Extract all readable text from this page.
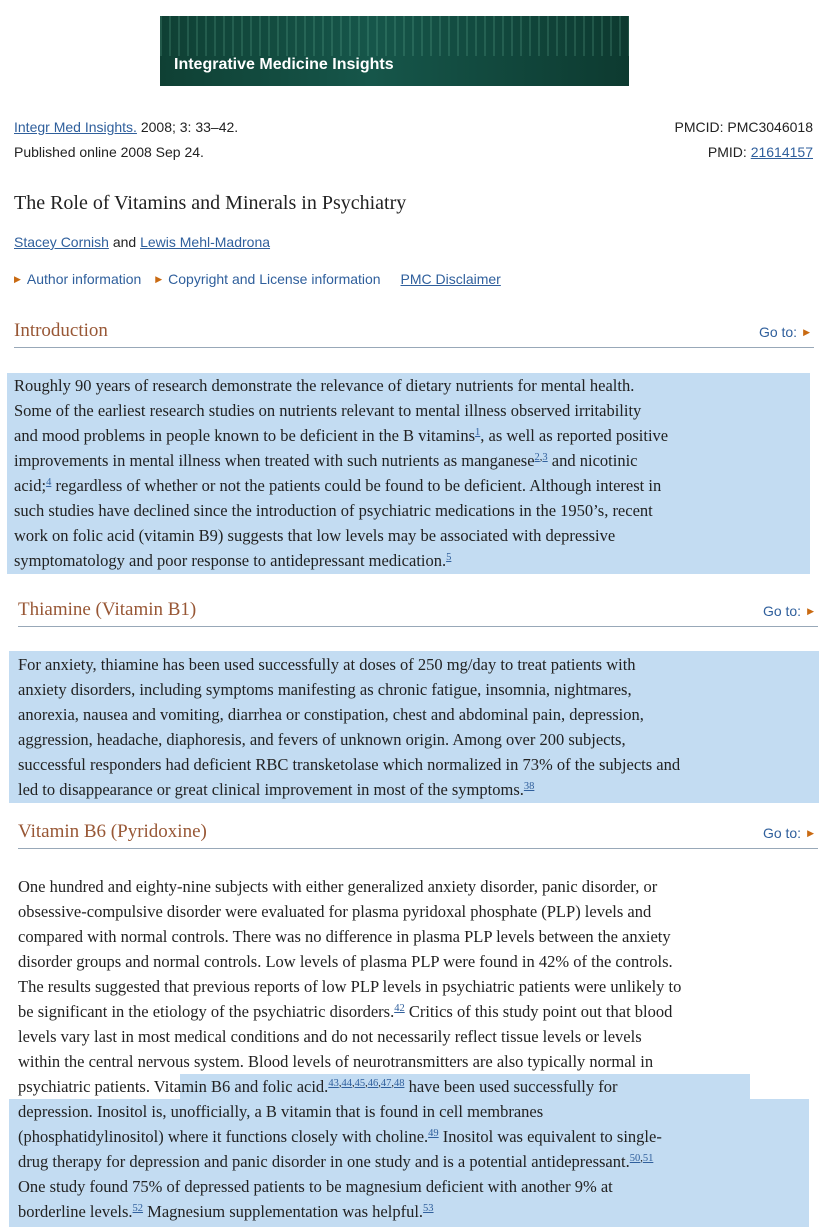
Integrative Medicine Insights
Integr Med Insights. 2008; 3: 33–42.
Published online 2008 Sep 24.
PMCID: PMC3046018
PMID: 21614157
The Role of Vitamins and Minerals in Psychiatry
Stacey Cornish and Lewis Mehl-Madrona
▶ Author information ▶ Copyright and License information PMC Disclaimer
Introduction	Go to: ▶
Roughly 90 years of research demonstrate the relevance of dietary nutrients for mental health.
Some of the earliest research studies on nutrients relevant to mental illness observed irritability
and mood problems in people known to be deficient in the B vitamins$^1$, as well as reported positive
improvements in mental illness when treated with such nutrients as manganese$^{2,3}$ and nicotinic
acid;$^4$ regardless of whether or not the patients could be found to be deficient. Although interest in
such studies have declined since the introduction of psychiatric medications in the 1950’s, recent
work on folic acid (vitamin B9) suggests that low levels may be associated with depressive
symptomatology and poor response to antidepressant medication.$^5$
Thiamine (Vitamin B1)	Go to: ▶
For anxiety, thiamine has been used successfully at doses of 250 mg/day to treat patients with
anxiety disorders, including symptoms manifesting as chronic fatigue, insomnia, nightmares,
anorexia, nausea and vomiting, diarrhea or constipation, chest and abdominal pain, depression,
aggression, headache, diaphoresis, and fevers of unknown origin. Among over 200 subjects,
successful responders had deficient RBC transketolase which normalized in 73% of the subjects and
led to disappearance or great clinical improvement in most of the symptoms.$^{38}$
Vitamin B6 (Pyridoxine)	Go to: ▶
One hundred and eighty-nine subjects with either generalized anxiety disorder, panic disorder, or
obsessive-compulsive disorder were evaluated for plasma pyridoxal phosphate (PLP) levels and
compared with normal controls. There was no difference in plasma PLP levels between the anxiety
disorder groups and normal controls. Low levels of plasma PLP were found in 42% of the controls.
The results suggested that previous reports of low PLP levels in psychiatric patients were unlikely to
be significant in the etiology of the psychiatric disorders.$^{42}$ Critics of this study point out that blood
levels vary last in most medical conditions and do not necessarily reflect tissue levels or levels
within the central nervous system. Blood levels of neurotransmitters are also typically normal in
psychiatric patients. Vitamin B6 and folic acid.$^{43,44,45,46,47,48}$ have been used successfully for
depression. Inositol is, unofficially, a B vitamin that is found in cell membranes
(phosphatidylinositol) where it functions closely with choline.$^{49}$ Inositol was equivalent to single-
drug therapy for depression and panic disorder in one study and is a potential antidepressant.$^{50,51}$
One study found 75% of depressed patients to be magnesium deficient with another 9% at
borderline levels.$^{52}$ Magnesium supplementation was helpful.$^{53}$
